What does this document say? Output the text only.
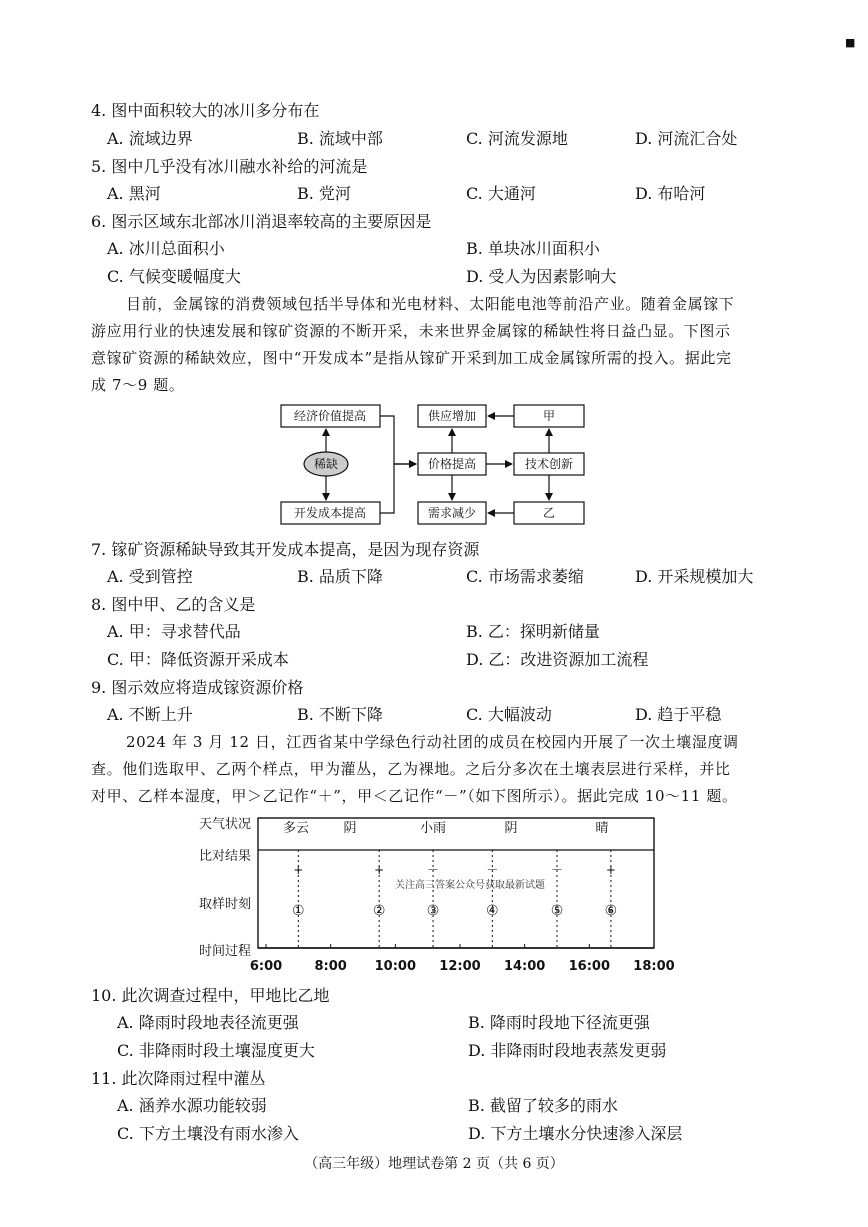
■
4. 图中面积较大的冰川多分布在
A. 流域边界	B. 流域中部	C. 河流发源地	D. 河流汇合处
5. 图中几乎没有冰川融水补给的河流是
A. 黑河	B. 党河	C. 大通河	D. 布哈河
6. 图示区域东北部冰川消退率较高的主要原因是
A. 冰川总面积小	B. 单块冰川面积小
C. 气候变暖幅度大	D. 受人为因素影响大
目前，金属镓的消费领域包括半导体和光电材料、太阳能电池等前沿产业。随着金属镓下
游应用行业的快速发展和镓矿资源的不断开采，未来世界金属镓的稀缺性将日益凸显。下图示
意镓矿资源的稀缺效应，图中“开发成本”是指从镓矿开采到加工成金属镓所需的投入。据此完
成 7～9 题。
经济价值提高
开发成本提高
稀缺
供应增加
价格提高
需求减少
甲
技术创新
乙
7. 镓矿资源稀缺导致其开发成本提高，是因为现存资源
A. 受到管控	B. 品质下降	C. 市场需求萎缩	D. 开采规模加大
8. 图中甲、乙的含义是
A. 甲：寻求替代品	B. 乙：探明新储量
C. 甲：降低资源开采成本	D. 乙：改进资源加工流程
9. 图示效应将造成镓资源价格
A. 不断上升	B. 不断下降	C. 大幅波动	D. 趋于平稳
2024 年 3 月 12 日，江西省某中学绿色行动社团的成员在校园内开展了一次土壤湿度调
查。他们选取甲、乙两个样点，甲为灌丛，乙为裸地。之后分多次在土壤表层进行采样，并比
对甲、乙样本湿度，甲＞乙记作“＋”，甲＜乙记作“－”（如下图所示）。据此完成 10～11 题。
天气状况
比对结果
取样时刻
时间过程
多云	阴	小雨	阴	晴
+
①
+
②
－
③
－
④
－
⑤
+
⑥
关注高三答案公众号获取最新试题
6:00 8:00 10:00 12:00 14:00 16:00 18:00
10. 此次调查过程中，甲地比乙地
A. 降雨时段地表径流更强	B. 降雨时段地下径流更强
C. 非降雨时段土壤湿度更大	D. 非降雨时段地表蒸发更弱
11. 此次降雨过程中灌丛
A. 涵养水源功能较弱	B. 截留了较多的雨水
C. 下方土壤没有雨水渗入	D. 下方土壤水分快速渗入深层
（高三年级）地理试卷第 2 页（共 6 页）
